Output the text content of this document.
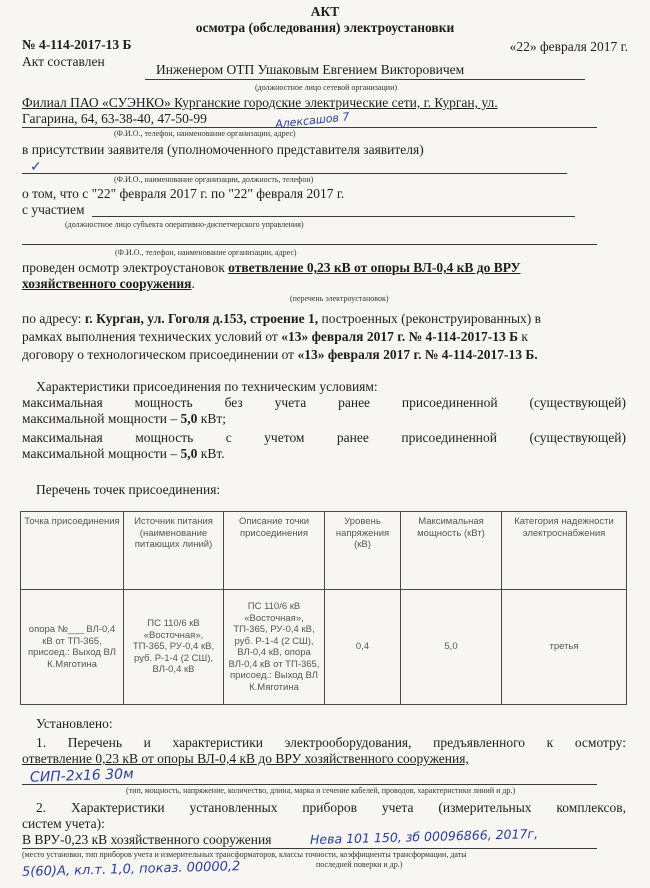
АКТ
осмотра (обследования) электроустановки
№ 4-114-2017-13 Б	«22» февраля 2017 г.
Акт составлен
Инженером ОТП Ушаковым Евгением Викторовичем
(должностное лицо сетевой организации)
Филиал ПАО «СУЭНКО» Курганские городские электрические сети, г. Курган, ул.
Гагарина, 64, 63-38-40, 47-50-99	Алексашов 7
(Ф.И.О., телефон, наименование организации, адрес)
в присутствии заявителя (уполномоченного представителя заявителя)
✓
(Ф.И.О., наименование организации, должность, телефон)
о том, что с "22" февраля 2017 г. по "22" февраля 2017 г.
с участием
(должностное лицо субъекта оперативно-диспетчерского управления)
(Ф.И.О., телефон, наименование организации, адрес)
проведен осмотр электроустановок ответвление 0,23 кВ от опоры ВЛ-0,4 кВ до ВРУ
хозяйственного сооружения.
(перечень электроустановок)
по адресу: г. Курган, ул. Гоголя д.153, строение 1, построенных (реконструированных) в
рамках выполнения технических условий от «13» февраля 2017 г. № 4-114-2017-13 Б к
договору о технологическом присоединении от «13» февраля 2017 г. № 4-114-2017-13 Б.
Характеристики присоединения по техническим условиям:
максимальная мощность без учета ранее присоединенной (существующей)
максимальной мощности – 5,0 кВт;
максимальная мощность с учетом ранее присоединенной (существующей)
максимальной мощности – 5,0 кВт.
Перечень точек присоединения:
Точка присоединения	Источник питания (наименование питающих линий)	Описание точки присоединения	Уровень напряжения (кВ)	Максимальная мощность (кВт)	Категория надежности электроснабжения
опора №___ ВЛ-0,4 кВ от ТП-365, присоед.: Выход ВЛ К.Мяготина	ПС 110/6 кВ «Восточная», ТП-365, РУ-0,4 кВ, руб. Р-1-4 (2 СШ), ВЛ-0,4 кВ	ПС 110/6 кВ «Восточная», ТП-365, РУ-0,4 кВ, руб. Р-1-4 (2 СШ), ВЛ-0,4 кВ, опора ВЛ-0,4 кВ от ТП-365, присоед.: Выход ВЛ К.Мяготина	0,4	5,0	третья
Установлено:
1. Перечень и характеристики электрооборудования, предъявленного к осмотру:
ответвление 0,23 кВ от опоры ВЛ-0,4 кВ до ВРУ хозяйственного сооружения,
СИП-2х16 30м
(тип, мощность, напряжение, количество, длина, марка и сечение кабелей, проводов, характеристики линий и др.)
2. Характеристики установленных приборов учета (измерительных комплексов,
систем учета):
В ВРУ-0,23 кВ хозяйственного сооружения	Нева 101 150, зб 00096866, 2017г,
(место установки, тип приборов учета и измерительных трансформаторов, классы точности, коэффициенты трансформации, даты
5(60)А, кл.т. 1,0, показ. 00000,2	последней поверки и др.)
